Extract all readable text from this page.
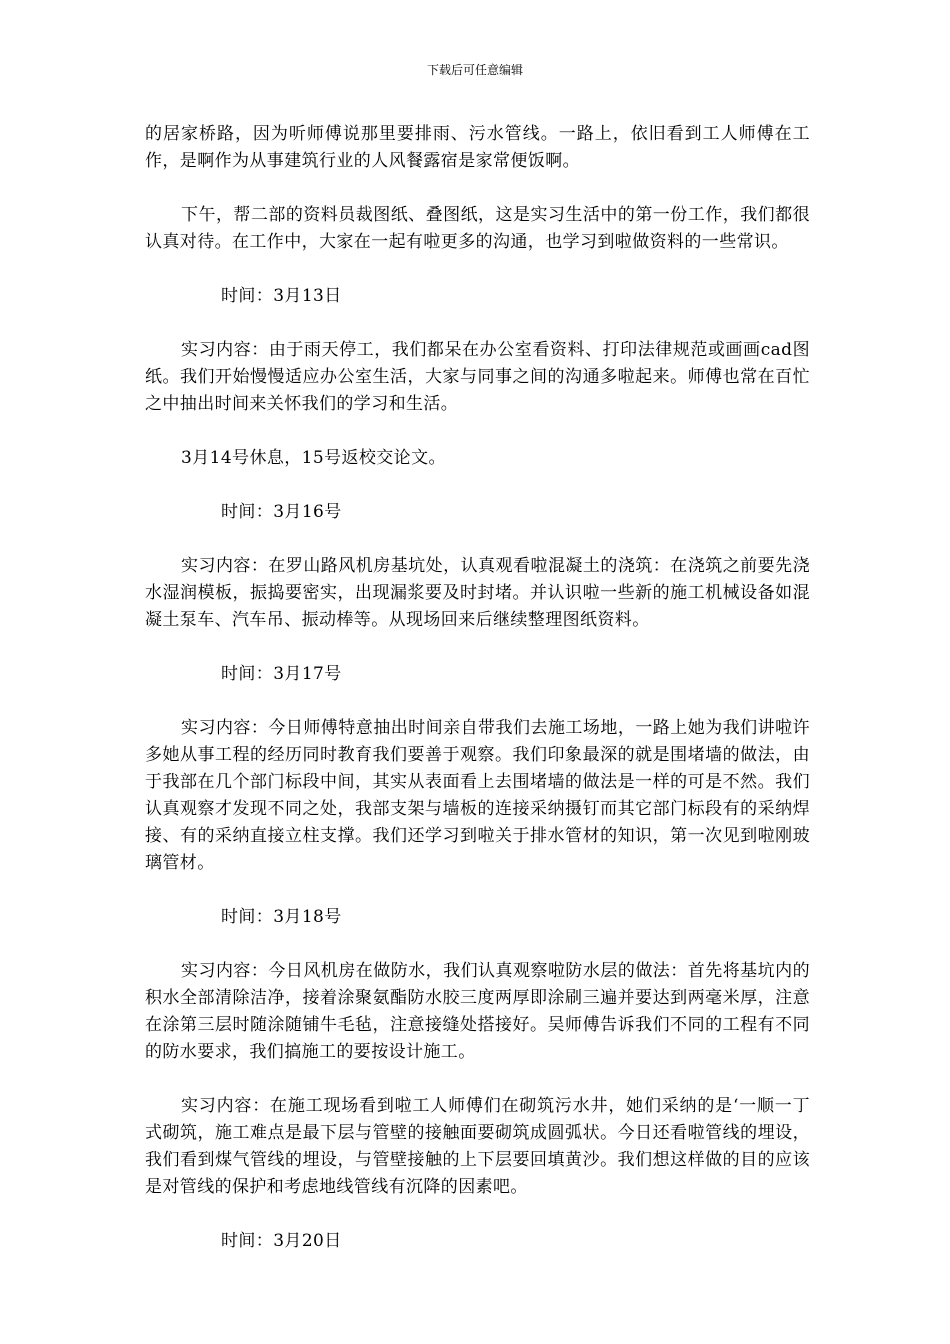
下载后可任意编辑

的居家桥路，因为听师傅说那里要排雨、污水管线。一路上，依旧看到工人师傅在工作，是啊作为从事建筑行业的人风餐露宿是家常便饭啊。

下午，帮二部的资料员裁图纸、叠图纸，这是实习生活中的第一份工作，我们都很认真对待。在工作中，大家在一起有啦更多的沟通，也学习到啦做资料的一些常识。

时间：3月13日

实习内容：由于雨天停工，我们都呆在办公室看资料、打印法律规范或画画cad图纸。我们开始慢慢适应办公室生活，大家与同事之间的沟通多啦起来。师傅也常在百忙之中抽出时间来关怀我们的学习和生活。

3月14号休息，15号返校交论文。

时间：3月16号

实习内容：在罗山路风机房基坑处，认真观看啦混凝土的浇筑：在浇筑之前要先浇水湿润模板，振捣要密实，出现漏浆要及时封堵。并认识啦一些新的施工机械设备如混凝土泵车、汽车吊、振动棒等。从现场回来后继续整理图纸资料。

时间：3月17号

实习内容：今日师傅特意抽出时间亲自带我们去施工场地，一路上她为我们讲啦许多她从事工程的经历同时教育我们要善于观察。我们印象最深的就是围堵墙的做法，由于我部在几个部门标段中间，其实从表面看上去围堵墙的做法是一样的可是不然。我们认真观察才发现不同之处，我部支架与墙板的连接采纳摄钉而其它部门标段有的采纳焊接、有的采纳直接立柱支撑。我们还学习到啦关于排水管材的知识，第一次见到啦刚玻璃管材。

时间：3月18号

实习内容：今日风机房在做防水，我们认真观察啦防水层的做法：首先将基坑内的积水全部清除洁净，接着涂聚氨酯防水胶三度两厚即涂刷三遍并要达到两毫米厚，注意在涂第三层时随涂随铺牛毛毡，注意接缝处搭接好。吴师傅告诉我们不同的工程有不同的防水要求，我们搞施工的要按设计施工。

实习内容：在施工现场看到啦工人师傅们在砌筑污水井，她们采纳的是‘一顺一丁式砌筑，施工难点是最下层与管壁的接触面要砌筑成圆弧状。今日还看啦管线的埋设，我们看到煤气管线的埋设，与管壁接触的上下层要回填黄沙。我们想这样做的目的应该是对管线的保护和考虑地线管线有沉降的因素吧。

时间：3月20日
